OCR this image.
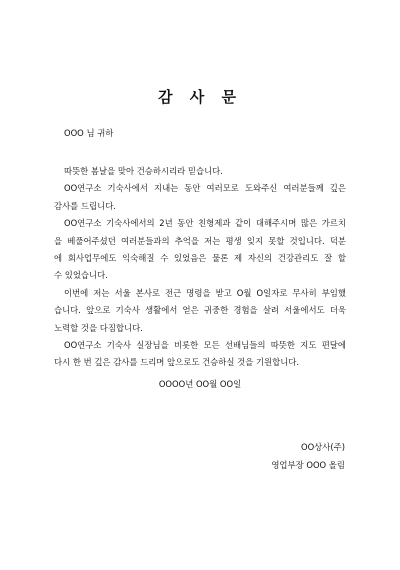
감 사 문
OOO 님 귀하
따뜻한 봄날을 맞아 건승하시리라 믿습니다.
OO연구소 기숙사에서 지내는 동안 여러모로 도와주신 여러분들께 깊은
감사를 드립니다.
OO연구소 기숙사에서의 2년 동안 친형제과 같이 대해주시며 많은 가르치
을 베풀어주셨던 여러분들과의 추억을 저는 평생 잊지 못할 것입니다. 덕분
에 회사업무에도 익숙해질 수 있었음은 물론 제 자신의 건강관리도 잘 할
수 있었습니다.
이번에 저는 서울 본사로 전근 명령을 받고 O월 O일자로 무사히 부임했
습니다. 앞으로 기숙사 생활에서 얻은 귀중한 경험을 살려 서울에서도 더욱
노력할 것을 다짐합니다.
OO연구소 기숙사 실장님을 비롯한 모든 선배님들의 따뜻한 지도 편달에
다시 한 번 깊은 감사를 드리며 앞으로도 건승하실 것을 기원합니다.
OOOO년 OO월 OO일
OO상사(주)
영업부장 OOO 올림
